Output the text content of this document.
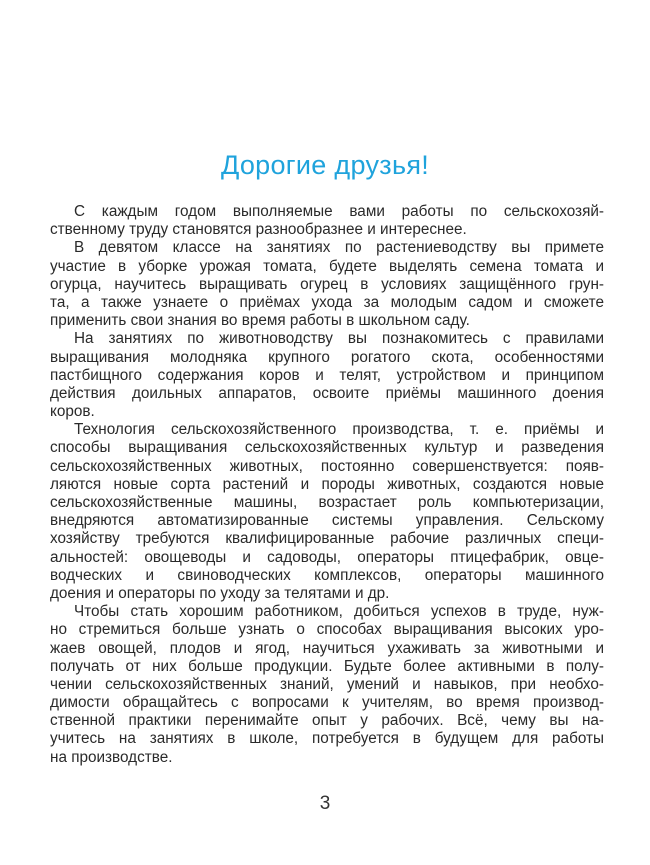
Дорогие друзья!
С каждым годом выполняемые вами работы по сельскохозяй-
ственному труду становятся разнообразнее и интереснее.
В девятом классе на занятиях по растениеводству вы примете
участие в уборке урожая томата, будете выделять семена томата и
огурца, научитесь выращивать огурец в условиях защищённого грун-
та, а также узнаете о приёмах ухода за молодым садом и сможете
применить свои знания во время работы в школьном саду.
На занятиях по животноводству вы познакомитесь с правилами
выращивания молодняка крупного рогатого скота, особенностями
пастбищного содержания коров и телят, устройством и принципом
действия доильных аппаратов, освоите приёмы машинного доения
коров.
Технология сельскохозяйственного производства, т. е. приёмы и
способы выращивания сельскохозяйственных культур и разведения
сельскохозяйственных животных, постоянно совершенствуется: появ-
ляются новые сорта растений и породы животных, создаются новые
сельскохозяйственные машины, возрастает роль компьютеризации,
внедряются автоматизированные системы управления. Сельскому
хозяйству требуются квалифицированные рабочие различных специ-
альностей: овощеводы и садоводы, операторы птицефабрик, овце-
водческих и свиноводческих комплексов, операторы машинного
доения и операторы по уходу за телятами и др.
Чтобы стать хорошим работником, добиться успехов в труде, нуж-
но стремиться больше узнать о способах выращивания высоких уро-
жаев овощей, плодов и ягод, научиться ухаживать за животными и
получать от них больше продукции. Будьте более активными в полу-
чении сельскохозяйственных знаний, умений и навыков, при необхо-
димости обращайтесь с вопросами к учителям, во время производ-
ственной практики перенимайте опыт у рабочих. Всё, чему вы на-
учитесь на занятиях в школе, потребуется в будущем для работы
на производстве.
3
